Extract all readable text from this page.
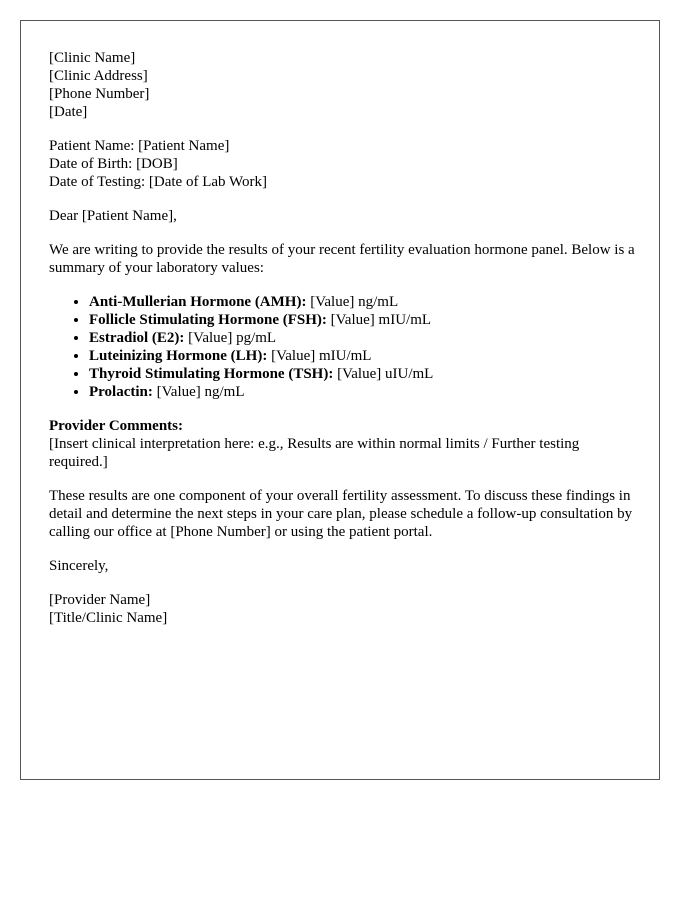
[Clinic Name]
[Clinic Address]
[Phone Number]
[Date]
Patient Name: [Patient Name]
Date of Birth: [DOB]
Date of Testing: [Date of Lab Work]

Dear [Patient Name],

We are writing to provide the results of your recent fertility evaluation hormone panel. Below is a summary of your laboratory values:

• Anti-Mullerian Hormone (AMH): [Value] ng/mL
• Follicle Stimulating Hormone (FSH): [Value] mIU/mL
• Estradiol (E2): [Value] pg/mL
• Luteinizing Hormone (LH): [Value] mIU/mL
• Thyroid Stimulating Hormone (TSH): [Value] uIU/mL
• Prolactin: [Value] ng/mL
Provider Comments:
[Insert clinical interpretation here: e.g., Results are within normal limits / Further testing required.]

These results are one component of your overall fertility assessment. To discuss these findings in detail and determine the next steps in your care plan, please schedule a follow-up consultation by calling our office at [Phone Number] or using the patient portal.

Sincerely,

[Provider Name]
[Title/Clinic Name]
